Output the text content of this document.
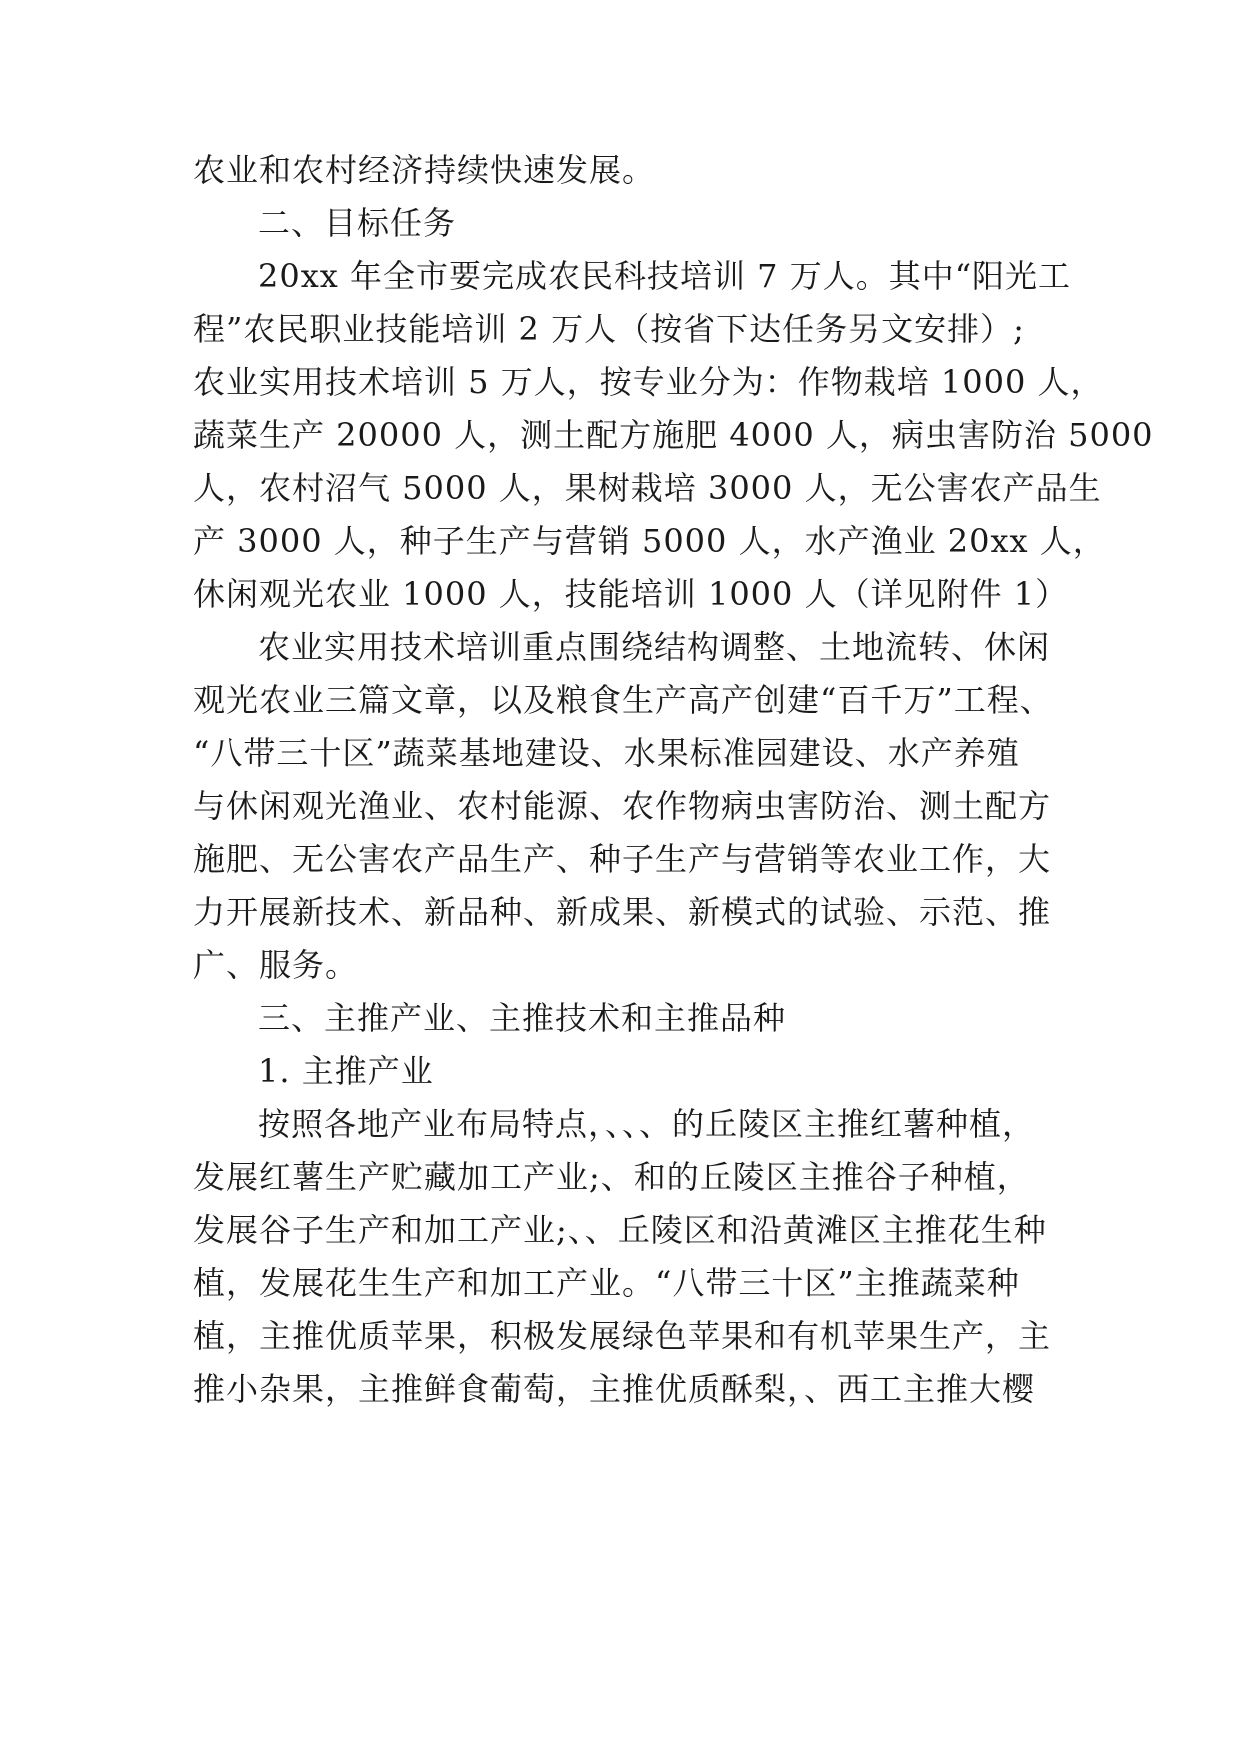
农业和农村经济持续快速发展。
二、目标任务
20xx 年全市要完成农民科技培训 7 万人。其中“阳光工
程”农民职业技能培训 2 万人（按省下达任务另文安排）;
农业实用技术培训 5 万人，按专业分为：作物栽培 1000 人，
蔬菜生产 20000 人，测土配方施肥 4000 人，病虫害防治 5000
人，农村沼气 5000 人，果树栽培 3000 人，无公害农产品生
产 3000 人，种子生产与营销 5000 人，水产渔业 20xx 人，
休闲观光农业 1000 人，技能培训 1000 人（详见附件 1）
农业实用技术培训重点围绕结构调整、土地流转、休闲
观光农业三篇文章，以及粮食生产高产创建“百千万”工程、
“八带三十区”蔬菜基地建设、水果标准园建设、水产养殖
与休闲观光渔业、农村能源、农作物病虫害防治、测土配方
施肥、无公害农产品生产、种子生产与营销等农业工作，大
力开展新技术、新品种、新成果、新模式的试验、示范、推
广、服务。
三、主推产业、主推技术和主推品种
1. 主推产业
按照各地产业布局特点，、、、的丘陵区主推红薯种植，
发展红薯生产贮藏加工产业;、和的丘陵区主推谷子种植，
发展谷子生产和加工产业;、、丘陵区和沿黄滩区主推花生种
植，发展花生生产和加工产业。“八带三十区”主推蔬菜种
植，主推优质苹果，积极发展绿色苹果和有机苹果生产，主
推小杂果，主推鲜食葡萄，主推优质酥梨，、西工主推大樱
